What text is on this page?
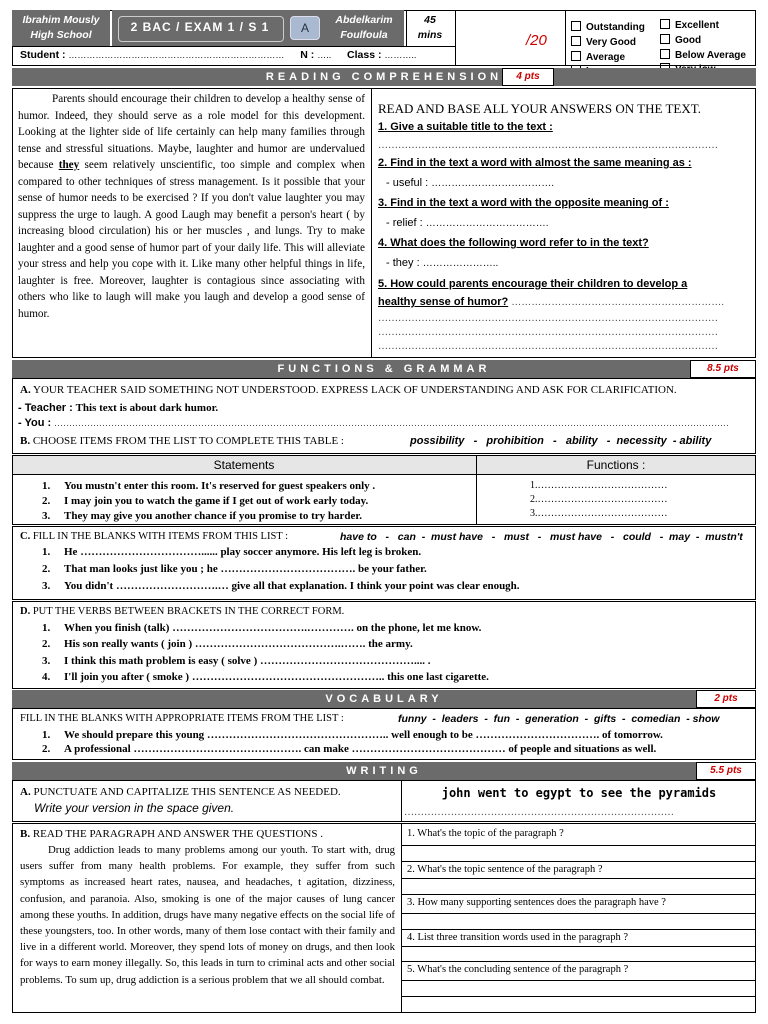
Ibrahim Mously
High School
2 BAC / EXAM 1 / S 1	A
Abdelkarim
Foulfoula
45
mins	/20
Outstanding
Very Good
Average
Excellent
Good
Below Average
Student : ……………………………………………………………… N : ….. Class : ………..
READING COMPREHENSION	4 pts
Parents should encourage their children to develop a healthy sense of humor. Indeed, they should serve as a role model for this development. Looking at the lighter side of life certainly can help many families through tense and stressful situations. Maybe, laughter and humor are undervalued because they seem relatively unscientific, too simple and complex when compared to other techniques of stress management. Is it possible that your sense of humor needs to be exercised ? If you don't value laughter you may suppress the urge to laugh. A good Laugh may benefit a person's heart ( by increasing blood circulation) his or her muscles , and lungs. Try to make laughter and a good sense of humor part of your daily life. This will alleviate your stress and help you cope with it. Like many other helpful things in life, laughter is free. Moreover, laughter is contagious since associating with others who like to laugh will make you laugh and develop a good sense of humor.
READ AND BASE ALL YOUR ANSWERS ON THE TEXT.
1. Give a suitable title to the text :
…………………………………………………………………………………………
2. Find in the text a word with almost the same meaning as :
- useful : ……………………………….
3. Find in the text a word with the opposite meaning of :
- relief : ……………………………….
4. What does the following word refer to in the text?
- they : …………………..
5. How could parents encourage their children to develop a
healthy sense of humor? ……………………………………………………….
…………………………………………………………………………………………
…………………………………………………………………………………………
…………………………………………………………………………………………
FUNCTIONS & GRAMMAR	8.5 pts
A. YOUR TEACHER SAID SOMETHING NOT UNDERSTOOD. EXPRESS LACK OF UNDERSTANDING AND ASK FOR CLARIFICATION.
- Teacher : This text is about dark humor.
- You : ………………………………………………………………………………………………………………………………………………………………………………………………………
B. CHOOSE ITEMS FROM THE LIST TO COMPLETE THIS TABLE :	possibility   -   prohibition   -   ability   -  necessity  - ability
Statements	Functions :
1. You mustn't enter this room. It's reserved for guest speakers only .
2. I may join you to watch the game if I get out of work early today.
3. They may give you another chance if you promise to try harder.
1.…………………………………
2.…………………………………
3.…………………………………
C. FILL IN THE BLANKS WITH ITEMS FROM THIS LIST :	have to   -   can  -  must have   -   must   -   must have   -   could   -  may  -  mustn't
1. He ……………………………...... play soccer anymore. His left leg is broken.
2. That man looks just like you ; he ………………………………. be your father.
3. You didn't ……………………….… give all that explanation. I think your point was clear enough.
D. PUT THE VERBS BETWEEN BRACKETS IN THE CORRECT FORM.
1. When you finish (talk) ……………………………….…………. on the phone, let me know.
2. His son really wants ( join ) ………………………………….……. the army.
3. I think this math problem is easy ( solve ) …………………………………….... .
4. I'll join you after ( smoke ) …………………………………………….. this one last cigarette.
VOCABULARY	2 pts
FILL IN THE BLANKS WITH APPROPRIATE ITEMS FROM THE LIST :	funny  -  leaders  -  fun  -  generation  -  gifts  -  comedian  - show
1. We should prepare this young ………………………………………….. well enough to be ……………………………. of tomorrow.
2. A professional ………………………………………. can make …………………………………… of people and situations as well.
WRITING	5.5 pts
A. PUNCTUATE AND CAPITALIZE THIS SENTENCE AS NEEDED.
Write your version in the space given.
john went to egypt to see the pyramids
………………………………………………………………………
B. READ THE PARAGRAPH AND ANSWER THE QUESTIONS .
Drug addiction leads to many problems among our youth. To start with, drug users suffer from many health problems. For example, they suffer from such symptoms as increased heart rates, nausea, and headaches, t agitation, dizziness, confusion, and paranoia. Also, smoking is one of the major causes of lung cancer among these youths. In addition, drugs have many negative effects on the social life of these youngsters, too. In other words, many of them lose contact with their family and live in a different world. Moreover, they spend lots of money on drugs, and then look for ways to earn money illegally. So, this leads in turn to criminal acts and other social problems. To sum up, drug addiction is a serious problem that we all should combat.
1. What's the topic of the paragraph ?
2. What's the topic sentence of the paragraph ?
3. How many supporting sentences does the paragraph have ?
4. List three transition words used in the paragraph ?
5. What's the concluding sentence of the paragraph ?
